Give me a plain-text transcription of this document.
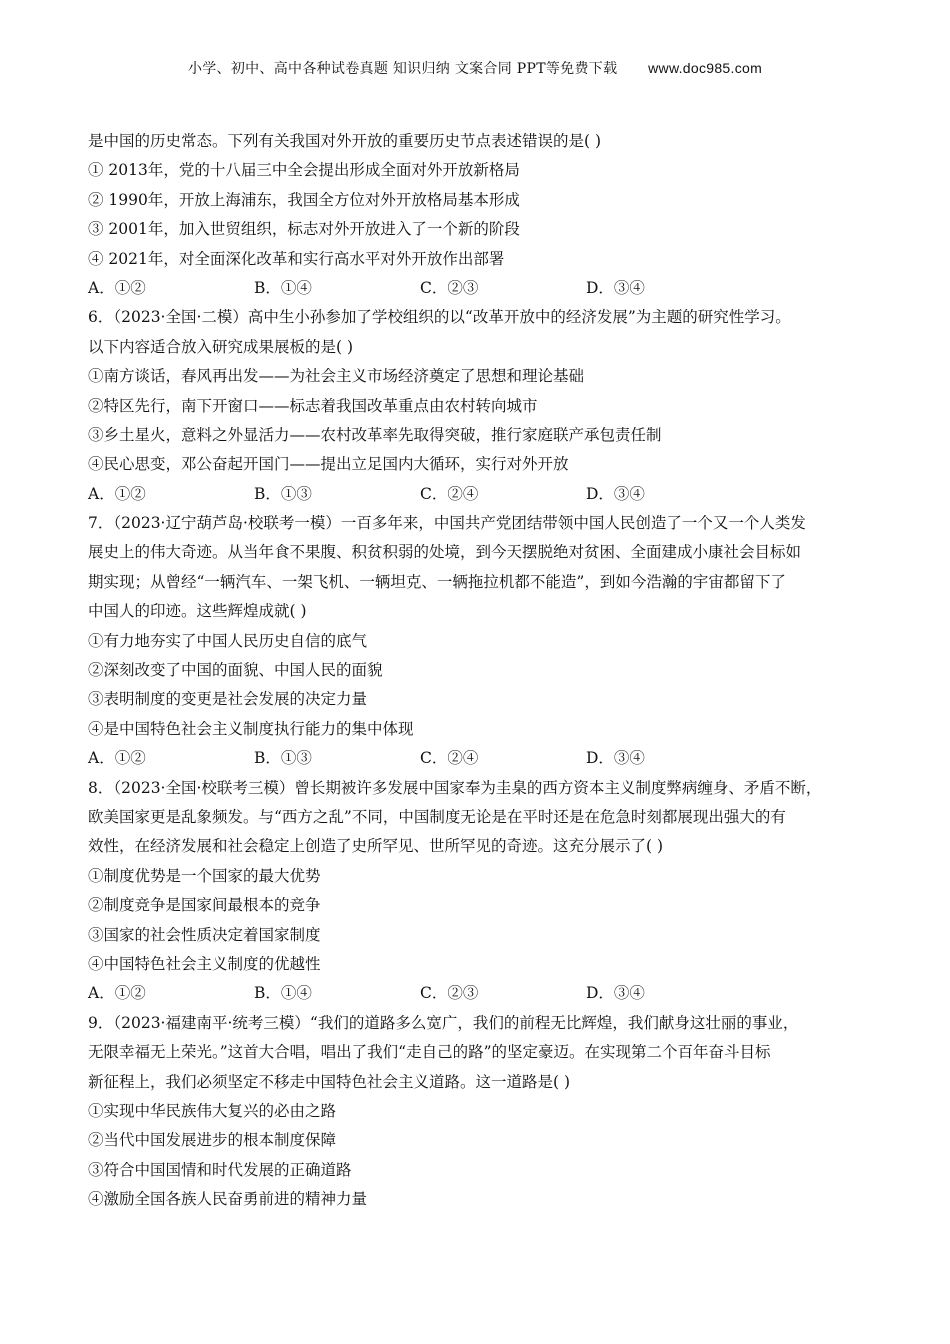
小学、初中、高中各种试卷真题 知识归纳 文案合同 PPT等免费下载 www.doc985.com
是中国的历史常态。下列有关我国对外开放的重要历史节点表述错误的是( )
① 2013年，党的十八届三中全会提出形成全面对外开放新格局
② 1990年，开放上海浦东，我国全方位对外开放格局基本形成
③ 2001年，加入世贸组织，标志对外开放进入了一个新的阶段
④ 2021年，对全面深化改革和实行高水平对外开放作出部署
A．①②	B．①④	C．②③	D．③④
6．（2023·全国·二模）高中生小孙参加了学校组织的以“改革开放中的经济发展”为主题的研究性学习。
以下内容适合放入研究成果展板的是( )
①南方谈话，春风再出发——为社会主义市场经济奠定了思想和理论基础
②特区先行，南下开窗口——标志着我国改革重点由农村转向城市
③乡土星火，意料之外显活力——农村改革率先取得突破，推行家庭联产承包责任制
④民心思变，邓公奋起开国门——提出立足国内大循环，实行对外开放
A．①②	B．①③	C．②④	D．③④
7．（2023·辽宁葫芦岛·校联考一模）一百多年来，中国共产党团结带领中国人民创造了一个又一个人类发
展史上的伟大奇迹。从当年食不果腹、积贫积弱的处境，到今天摆脱绝对贫困、全面建成小康社会目标如
期实现；从曾经“一辆汽车、一架飞机、一辆坦克、一辆拖拉机都不能造”，到如今浩瀚的宇宙都留下了
中国人的印迹。这些辉煌成就( )
①有力地夯实了中国人民历史自信的底气
②深刻改变了中国的面貌、中国人民的面貌
③表明制度的变更是社会发展的决定力量
④是中国特色社会主义制度执行能力的集中体现
A．①②	B．①③	C．②④	D．③④
8．（2023·全国·校联考三模）曾长期被许多发展中国家奉为圭臬的西方资本主义制度弊病缠身、矛盾不断，
欧美国家更是乱象频发。与“西方之乱”不同，中国制度无论是在平时还是在危急时刻都展现出强大的有
效性，在经济发展和社会稳定上创造了史所罕见、世所罕见的奇迹。这充分展示了( )
①制度优势是一个国家的最大优势
②制度竞争是国家间最根本的竞争
③国家的社会性质决定着国家制度
④中国特色社会主义制度的优越性
A．①②	B．①④	C．②③	D．③④
9．（2023·福建南平·统考三模）“我们的道路多么宽广，我们的前程无比辉煌，我们献身这壮丽的事业，
无限幸福无上荣光。”这首大合唱，唱出了我们“走自己的路”的坚定豪迈。在实现第二个百年奋斗目标
新征程上，我们必须坚定不移走中国特色社会主义道路。这一道路是( )
①实现中华民族伟大复兴的必由之路
②当代中国发展进步的根本制度保障
③符合中国国情和时代发展的正确道路
④激励全国各族人民奋勇前进的精神力量
